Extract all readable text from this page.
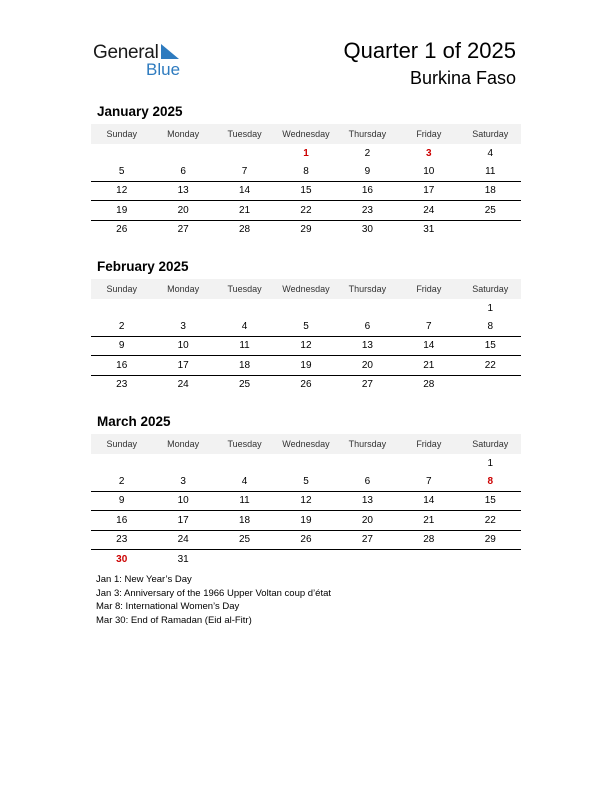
General
Blue
Quarter 1 of 2025
Burkina Faso
January 2025
Sunday	Monday	Tuesday	Wednesday	Thursday	Friday	Saturday
			1	2	3	4
5	6	7	8	9	10	11
12	13	14	15	16	17	18
19	20	21	22	23	24	25
26	27	28	29	30	31	
February 2025
Sunday	Monday	Tuesday	Wednesday	Thursday	Friday	Saturday
						1
2	3	4	5	6	7	8
9	10	11	12	13	14	15
16	17	18	19	20	21	22
23	24	25	26	27	28	
March 2025
Sunday	Monday	Tuesday	Wednesday	Thursday	Friday	Saturday
						1
2	3	4	5	6	7	8
9	10	11	12	13	14	15
16	17	18	19	20	21	22
23	24	25	26	27	28	29
30	31					
Jan 1: New Year’s Day
Jan 3: Anniversary of the 1966 Upper Voltan coup d’état
Mar 8: International Women’s Day
Mar 30: End of Ramadan (Eid al-Fitr)
